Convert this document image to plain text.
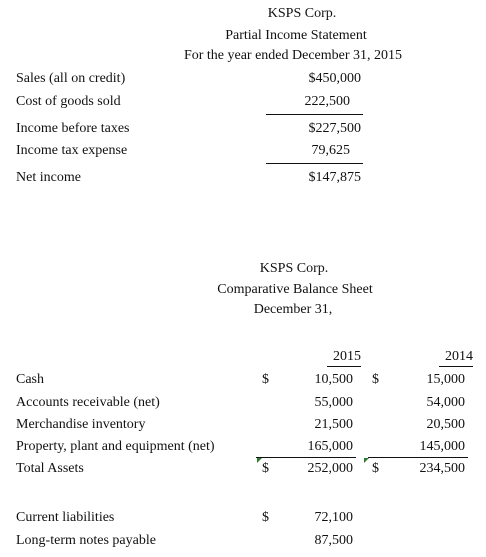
KSPS Corp.
Partial Income Statement
For the year ended December 31, 2015
Sales (all on credit)	$450,000
Cost of goods sold	222,500
Income before taxes	$227,500
Income tax expense	79,625
Net income	$147,875
KSPS Corp.
Comparative Balance Sheet
December 31,
2015	2014
Cash	$	10,500 $	15,000
Accounts receivable (net)	55,000	54,000
Merchandise inventory	21,500	20,500
Property, plant and equipment (net)	165,000	145,000
Total Assets	$	252,000 $	234,500
Current liabilities	$	72,100
Long-term notes payable	87,500
